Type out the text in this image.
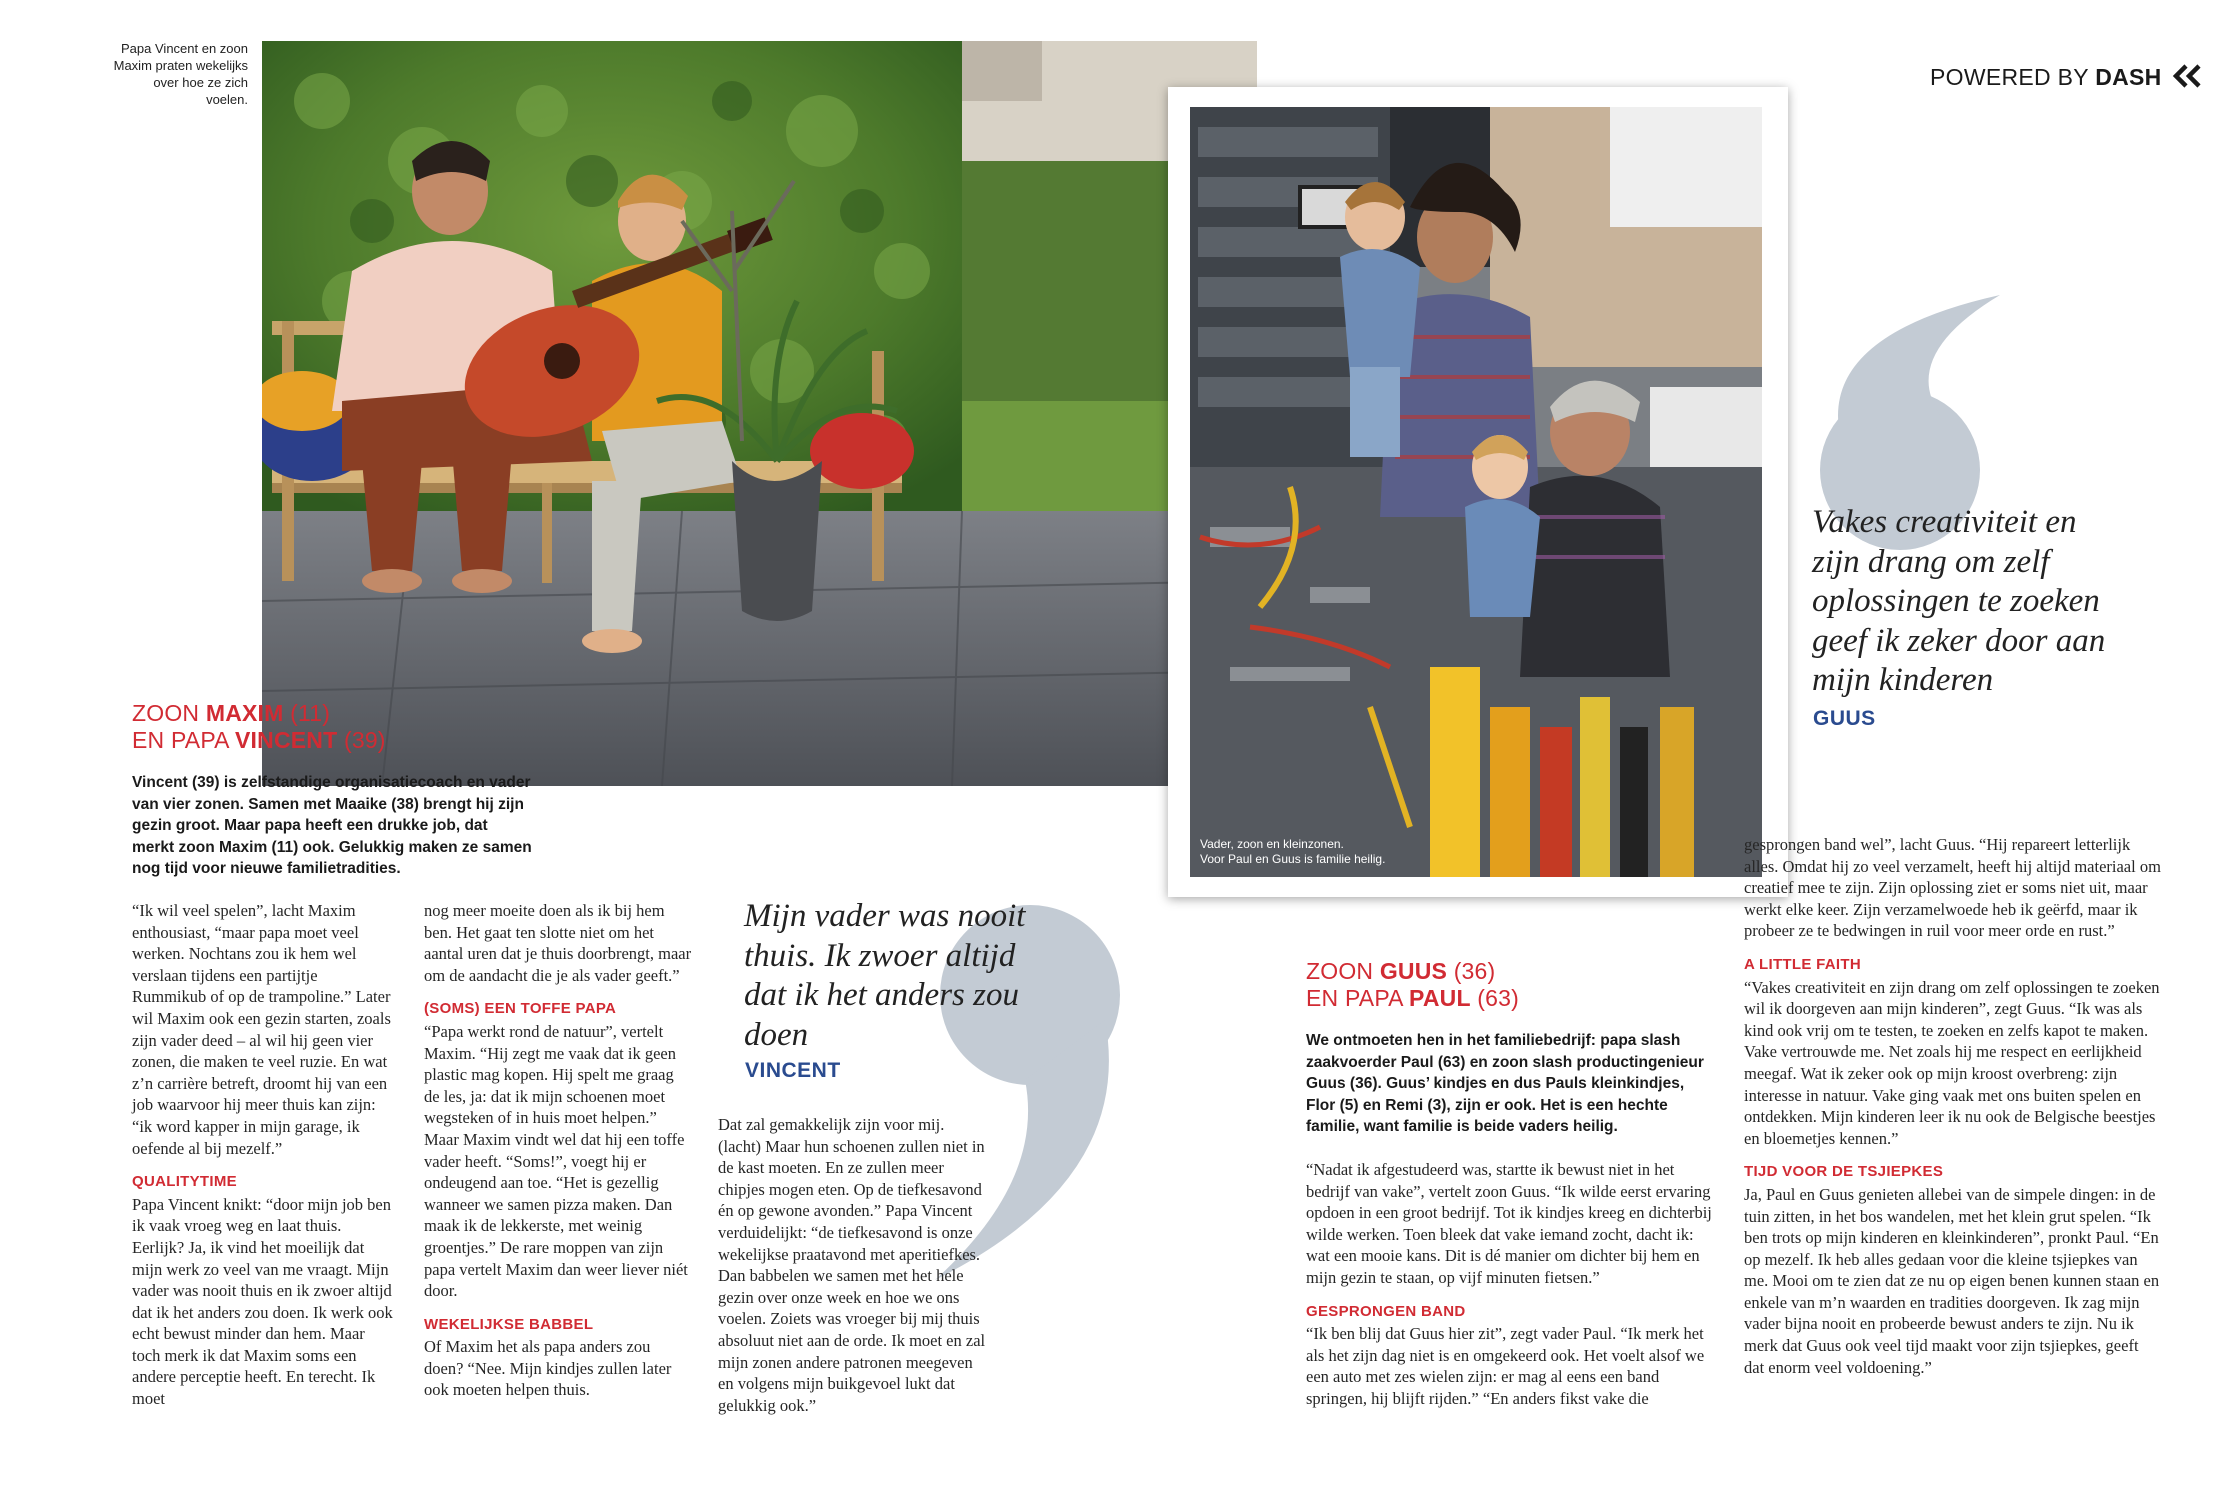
Papa Vincent en zoon Maxim praten wekelijks over hoe ze zich voelen.
Vader, zoon en kleinzonen.
Voor Paul en Guus is familie heilig.
POWERED BY DASH
ZOON MAXIM (11)
EN PAPA VINCENT (39)
Vincent (39) is zelfstandige organisatiecoach en vader van vier zonen. Samen met Maaike (38) brengt hij zijn gezin groot. Maar papa heeft een drukke job, dat merkt zoon Maxim (11) ook. Gelukkig maken ze samen nog tijd voor nieuwe familietradities.

“Ik wil veel spelen”, lacht Maxim enthousiast, “maar papa moet veel werken. Nochtans zou ik hem wel verslaan tijdens een partijtje Rummikub of op de trampoline.” Later wil Maxim ook een gezin starten, zoals zijn vader deed – al wil hij geen vier zonen, die maken te veel ruzie. En wat z’n carrière betreft, droomt hij van een job waarvoor hij meer thuis kan zijn: “ik word kapper in mijn garage, ik oefende al bij mezelf.”

QUALITYTIME

Papa Vincent knikt: “door mijn job ben ik vaak vroeg weg en laat thuis. Eerlijk? Ja, ik vind het moeilijk dat mijn werk zo veel van me vraagt. Mijn vader was nooit thuis en ik zwoer altijd dat ik het anders zou doen. Ik werk ook echt bewust minder dan hem. Maar toch merk ik dat Maxim soms een andere perceptie heeft. En terecht. Ik moet

nog meer moeite doen als ik bij hem ben. Het gaat ten slotte niet om het aantal uren dat je thuis doorbrengt, maar om de aandacht die je als vader geeft.”

(SOMS) EEN TOFFE PAPA

“Papa werkt rond de natuur”, vertelt Maxim. “Hij zegt me vaak dat ik geen plastic mag kopen. Hij spelt me graag de les, ja: dat ik mijn schoenen moet wegsteken of in huis moet helpen.” Maar Maxim vindt wel dat hij een toffe vader heeft. “Soms!”, voegt hij er ondeugend aan toe. “Het is gezellig wanneer we samen pizza maken. Dan maak ik de lekkerste, met weinig groentjes.” De rare moppen van zijn papa vertelt Maxim dan weer liever niét door.

WEKELIJKSE BABBEL

Of Maxim het als papa anders zou doen? “Nee. Mijn kindjes zullen later ook moeten helpen thuis.

Mijn vader was nooit thuis. Ik zwoer altijd dat ik het anders zou doen
VINCENT

Dat zal gemakkelijk zijn voor mij. (lacht) Maar hun schoenen zullen niet in de kast moeten. En ze zullen meer chipjes mogen eten. Op de tiefkesavond én op gewone avonden.” Papa Vincent verduidelijkt: “de tiefkesavond is onze wekelijkse praatavond met aperitiefkes. Dan babbelen we samen met het hele gezin over onze week en hoe we ons voelen. Zoiets was vroeger bij mij thuis absoluut niet aan de orde. Ik moet en zal mijn zonen andere patronen meegeven en volgens mijn buikgevoel lukt dat gelukkig ook.”

ZOON GUUS (36)
EN PAPA PAUL (63)
We ontmoeten hen in het familiebedrijf: papa slash zaakvoerder Paul (63) en zoon slash productingenieur Guus (36). Guus’ kindjes en dus Pauls kleinkindjes, Flor (5) en Remi (3), zijn er ook. Het is een hechte familie, want familie is beide vaders heilig.

“Nadat ik afgestudeerd was, startte ik bewust niet in het bedrijf van vake”, vertelt zoon Guus. “Ik wilde eerst ervaring opdoen in een groot bedrijf. Tot ik kindjes kreeg en dichterbij wilde werken. Toen bleek dat vake iemand zocht, dacht ik: wat een mooie kans. Dit is dé manier om dichter bij hem en mijn gezin te staan, op vijf minuten fietsen.”

GESPRONGEN BAND

“Ik ben blij dat Guus hier zit”, zegt vader Paul. “Ik merk het als het zijn dag niet is en omgekeerd ook. Het voelt alsof we een auto met zes wielen zijn: er mag al eens een band springen, hij blijft rijden.” “En anders fikst vake die

Vakes creativiteit en zijn drang om zelf oplossingen te zoeken geef ik zeker door aan mijn kinderen
GUUS

gesprongen band wel”, lacht Guus. “Hij repareert letterlijk alles. Omdat hij zo veel verzamelt, heeft hij altijd materiaal om creatief mee te zijn. Zijn oplossing ziet er soms niet uit, maar werkt elke keer. Zijn verzamelwoede heb ik geërfd, maar ik probeer ze te bedwingen in ruil voor meer orde en rust.”

A LITTLE FAITH

“Vakes creativiteit en zijn drang om zelf oplossingen te zoeken wil ik doorgeven aan mijn kinderen”, zegt Guus. “Ik was als kind ook vrij om te testen, te zoeken en zelfs kapot te maken. Vake vertrouwde me. Net zoals hij me respect en eerlijkheid meegaf. Wat ik zeker ook op mijn kroost overbreng: zijn interesse in natuur. Vake ging vaak met ons buiten spelen en ontdekken. Mijn kinderen leer ik nu ook de Belgische beestjes en bloemetjes kennen.”

TIJD VOOR DE TSJIEPKES

Ja, Paul en Guus genieten allebei van de simpele dingen: in de tuin zitten, in het bos wandelen, met het klein grut spelen. “Ik ben trots op mijn kinderen en kleinkinderen”, pronkt Paul. “En op mezelf. Ik heb alles gedaan voor die kleine tsjiepkes van me. Mooi om te zien dat ze nu op eigen benen kunnen staan en enkele van m’n waarden en tradities doorgeven. Ik zag mijn vader bijna nooit en probeerde bewust anders te zijn. Nu ik merk dat Guus ook veel tijd maakt voor zijn tsjiepkes, geeft dat enorm veel voldoening.”
